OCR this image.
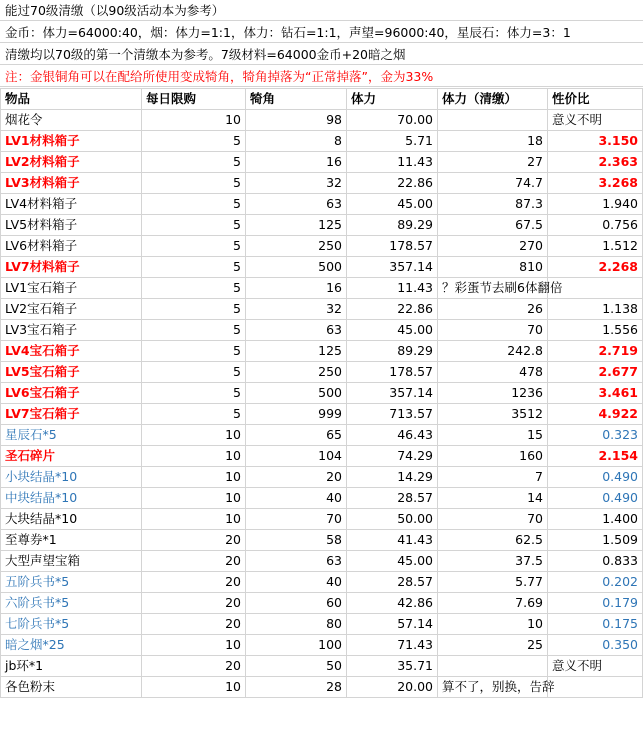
能过70级清缴（以90级活动本为参考）
金币：体力=64000:40，烟：体力=1:1，体力：钻石=1:1，声望=96000:40，星辰石：体力=3：1
清缴均以70级的第一个清缴本为参考。7级材料=64000金币+20暗之烟
注：金银铜角可以在配给所使用变成犄角，犄角掉落为“正常掉落”，金为33%
物品	每日限购	犄角	体力	体力（清缴）	性价比
烟花令	10	98	70.00		意义不明
LV1材料箱子	5	8	5.71	18	3.150
LV2材料箱子	5	16	11.43	27	2.363
LV3材料箱子	5	32	22.86	74.7	3.268
LV4材料箱子	5	63	45.00	87.3	1.940
LV5材料箱子	5	125	89.29	67.5	0.756
LV6材料箱子	5	250	178.57	270	1.512
LV7材料箱子	5	500	357.14	810	2.268
LV1宝石箱子	5	16	11.43	？彩蛋节去刷6体翻倍	
LV2宝石箱子	5	32	22.86	26	1.138
LV3宝石箱子	5	63	45.00	70	1.556
LV4宝石箱子	5	125	89.29	242.8	2.719
LV5宝石箱子	5	250	178.57	478	2.677
LV6宝石箱子	5	500	357.14	1236	3.461
LV7宝石箱子	5	999	713.57	3512	4.922
星辰石*5	10	65	46.43	15	0.323
圣石碎片	10	104	74.29	160	2.154
小块结晶*10	10	20	14.29	7	0.490
中块结晶*10	10	40	28.57	14	0.490
大块结晶*10	10	70	50.00	70	1.400
至尊券*1	20	58	41.43	62.5	1.509
大型声望宝箱	20	63	45.00	37.5	0.833
五阶兵书*5	20	40	28.57	5.77	0.202
六阶兵书*5	20	60	42.86	7.69	0.179
七阶兵书*5	20	80	57.14	10	0.175
暗之烟*25	10	100	71.43	25	0.350
jb环*1	20	50	35.71		意义不明
各色粉末	10	28	20.00	算不了，别换，告辞	
